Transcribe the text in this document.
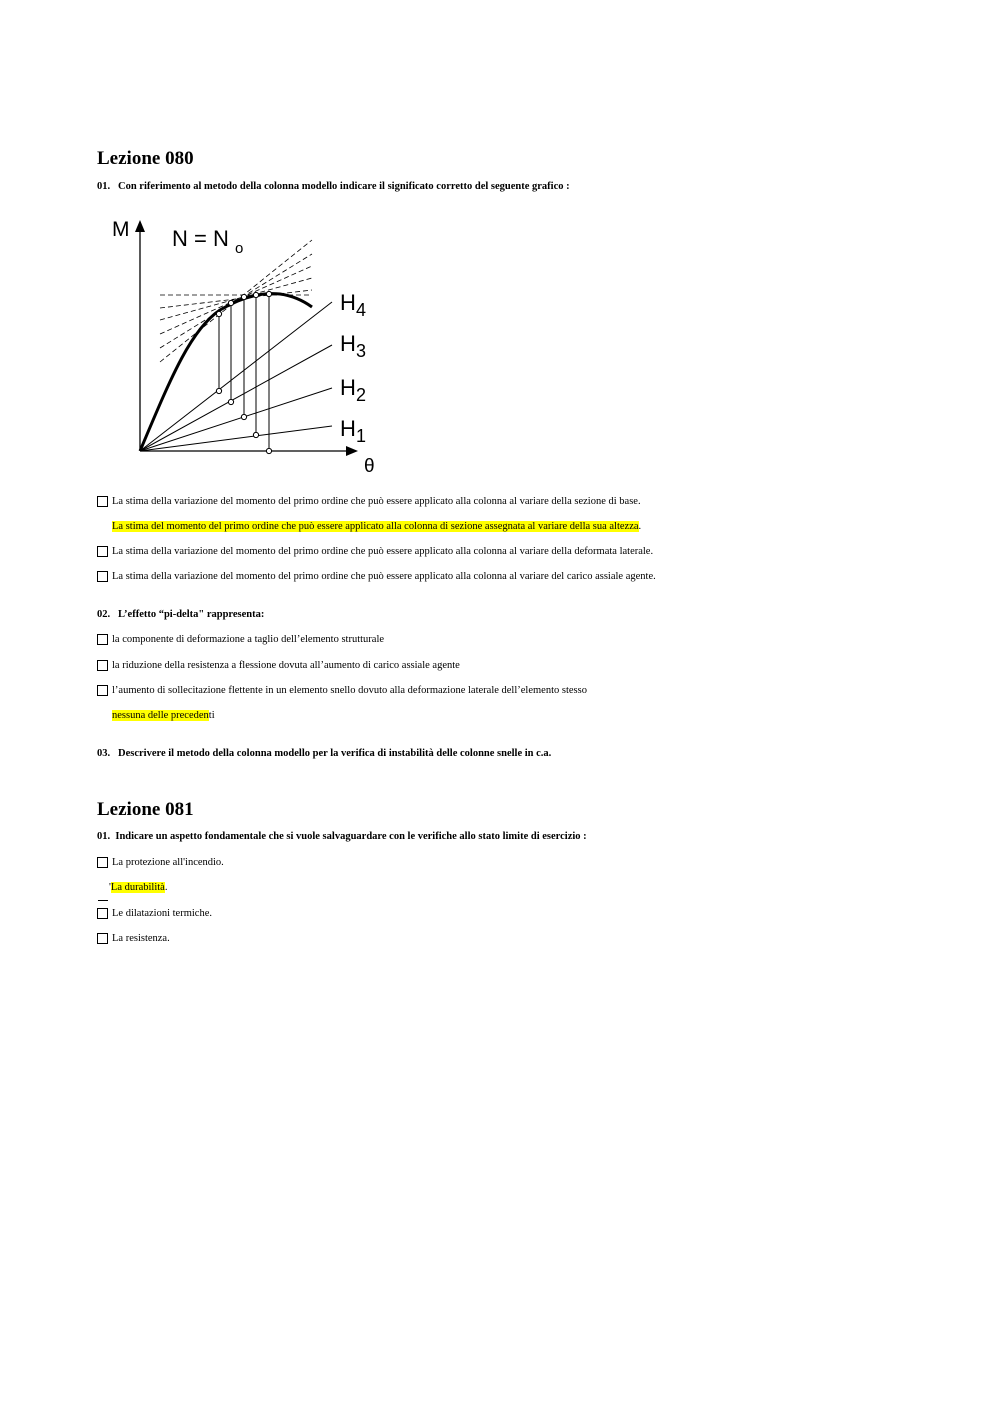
Lezione 080
01. Con riferimento al metodo della colonna modello indicare il significato corretto del seguente grafico :
M N = N o
θ
H 4
H 3
H 2
H 1
La stima della variazione del momento del primo ordine che può essere applicato alla colonna al variare della sezione di base.
La stima del momento del primo ordine che può essere applicato alla colonna di sezione assegnata al variare della sua altezza .
La stima della variazione del momento del primo ordine che può essere applicato alla colonna al variare della deformata laterale.
La stima della variazione del momento del primo ordine che può essere applicato alla colonna al variare del carico assiale agente.
02. L’effetto “pi-delta" rappresenta:
la componente di deformazione a taglio dell’elemento strutturale
la riduzione della resistenza a flessione dovuta all’aumento di carico assiale agente
l’aumento di sollecitazione flettente in un elemento snello dovuto alla deformazione laterale dell’elemento stesso
nessuna delle preceden ti
03. Descrivere il metodo della colonna modello per la verifica di instabilità delle colonne snelle in c.a.
Lezione 081
01. Indicare un aspetto fondamentale che si vuole salvaguardare con le verifiche allo stato limite di esercizio :
La protezione all'incendio.
La durabilità .
Le dilatazioni termiche.
La resistenza.
